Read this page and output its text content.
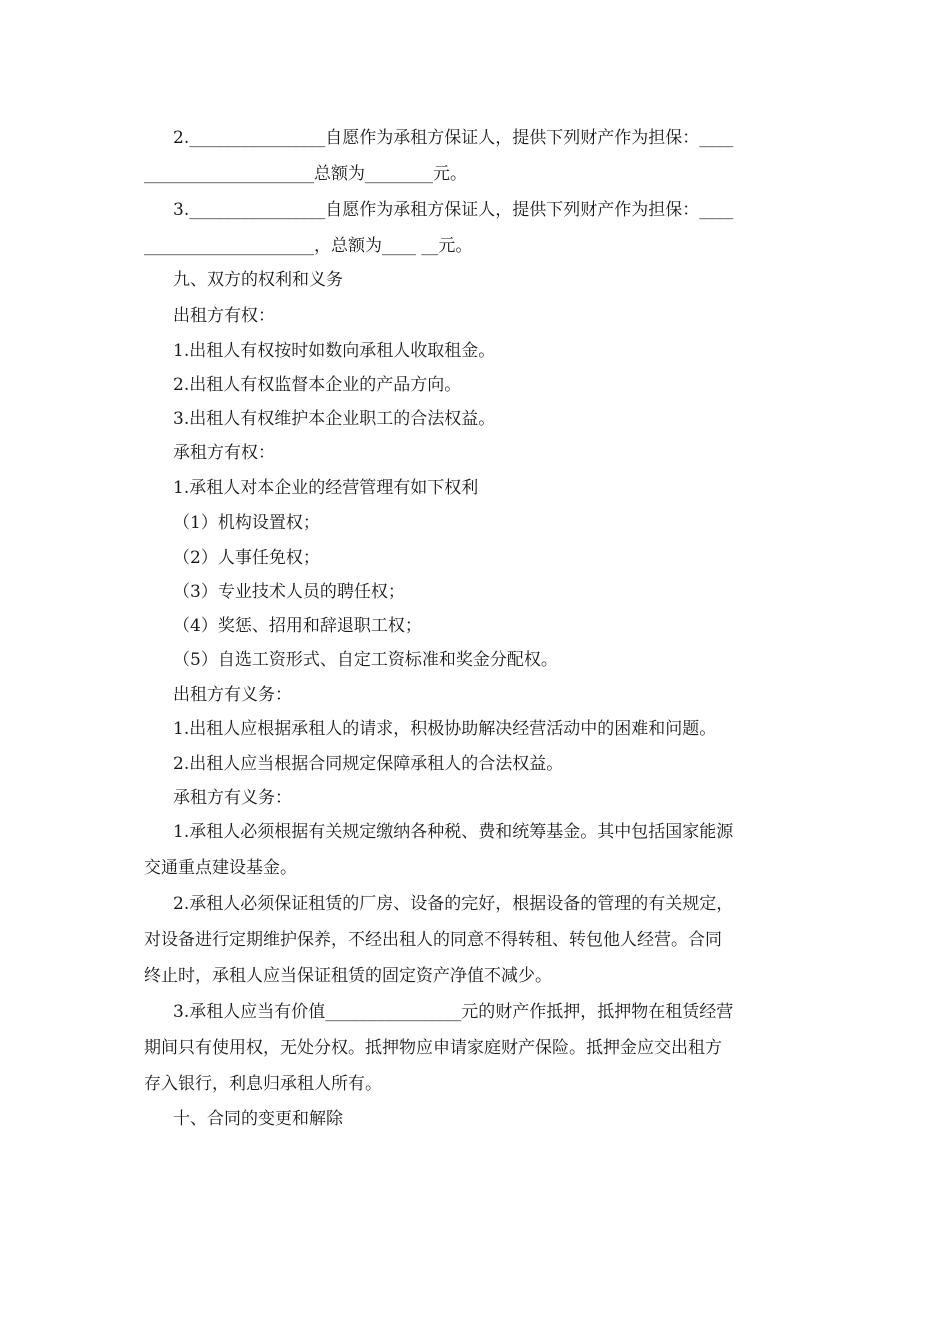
2.________________自愿作为承租方保证人，提供下列财产作为担保：____
____________________总额为________元。
3.________________自愿作为承租方保证人，提供下列财产作为担保：____
____________________，总额为____ __元。
九、双方的权利和义务
出租方有权：
1.出租人有权按时如数向承租人收取租金。
2.出租人有权监督本企业的产品方向。
3.出租人有权维护本企业职工的合法权益。
承租方有权：
1.承租人对本企业的经营管理有如下权利
（1）机构设置权；
（2）人事任免权；
（3）专业技术人员的聘任权；
（4）奖惩、招用和辞退职工权；
（5）自选工资形式、自定工资标准和奖金分配权。
出租方有义务：
1.出租人应根据承租人的请求，积极协助解决经营活动中的困难和问题。
2.出租人应当根据合同规定保障承租人的合法权益。
承租方有义务：
1.承租人必须根据有关规定缴纳各种税、费和统筹基金。其中包括国家能源
交通重点建设基金。
2.承租人必须保证租赁的厂房、设备的完好，根据设备的管理的有关规定，
对设备进行定期维护保养，不经出租人的同意不得转租、转包他人经营。合同
终止时，承租人应当保证租赁的固定资产净值不减少。
3.承租人应当有价值________________元的财产作抵押，抵押物在租赁经营
期间只有使用权，无处分权。抵押物应申请家庭财产保险。抵押金应交出租方
存入银行，利息归承租人所有。
十、合同的变更和解除
